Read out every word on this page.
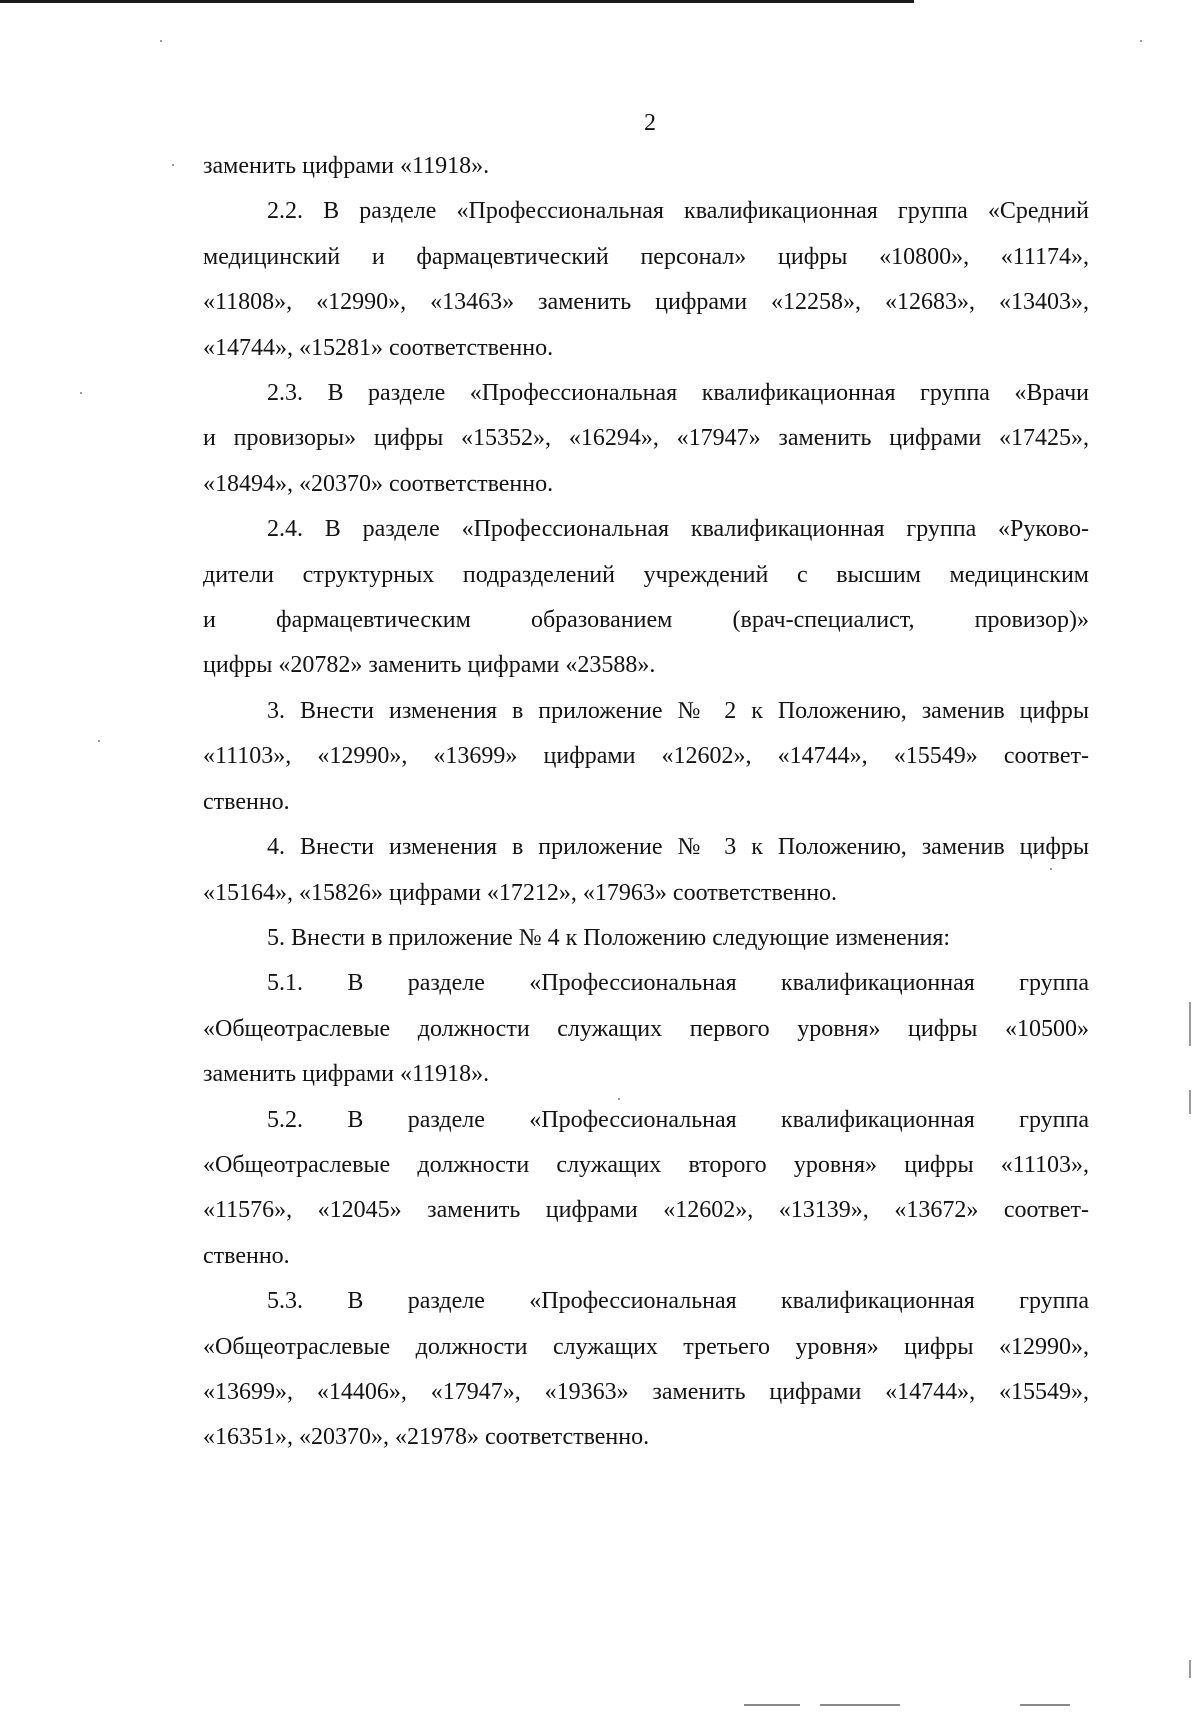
2

заменить цифрами «11918».

2.2. В разделе «Профессиональная квалификационная группа «Средний
медицинский и фармацевтический персонал» цифры «10800», «11174»,
«11808», «12990», «13463» заменить цифрами «12258», «12683», «13403»,
«14744», «15281» соответственно.

2.3. В разделе «Профессиональная квалификационная группа «Врачи
и провизоры» цифры «15352», «16294», «17947» заменить цифрами «17425»,
«18494», «20370» соответственно.

2.4. В разделе «Профессиональная квалификационная группа «Руково-
дители структурных подразделений учреждений с высшим медицинским
и фармацевтическим образованием (врач-специалист, провизор)»
цифры «20782» заменить цифрами «23588».

3. Внести изменения в приложение № 2 к Положению, заменив цифры
«11103», «12990», «13699» цифрами «12602», «14744», «15549» соответ-
ственно.

4. Внести изменения в приложение № 3 к Положению, заменив цифры
«15164», «15826» цифрами «17212», «17963» соответственно.

5. Внести в приложение № 4 к Положению следующие изменения:

5.1. В разделе «Профессиональная квалификационная группа
«Общеотраслевые должности служащих первого уровня» цифры «10500»
заменить цифрами «11918».

5.2. В разделе «Профессиональная квалификационная группа
«Общеотраслевые должности служащих второго уровня» цифры «11103»,
«11576», «12045» заменить цифрами «12602», «13139», «13672» соответ-
ственно.

5.3. В разделе «Профессиональная квалификационная группа
«Общеотраслевые должности служащих третьего уровня» цифры «12990»,
«13699», «14406», «17947», «19363» заменить цифрами «14744», «15549»,
«16351», «20370», «21978» соответственно.
